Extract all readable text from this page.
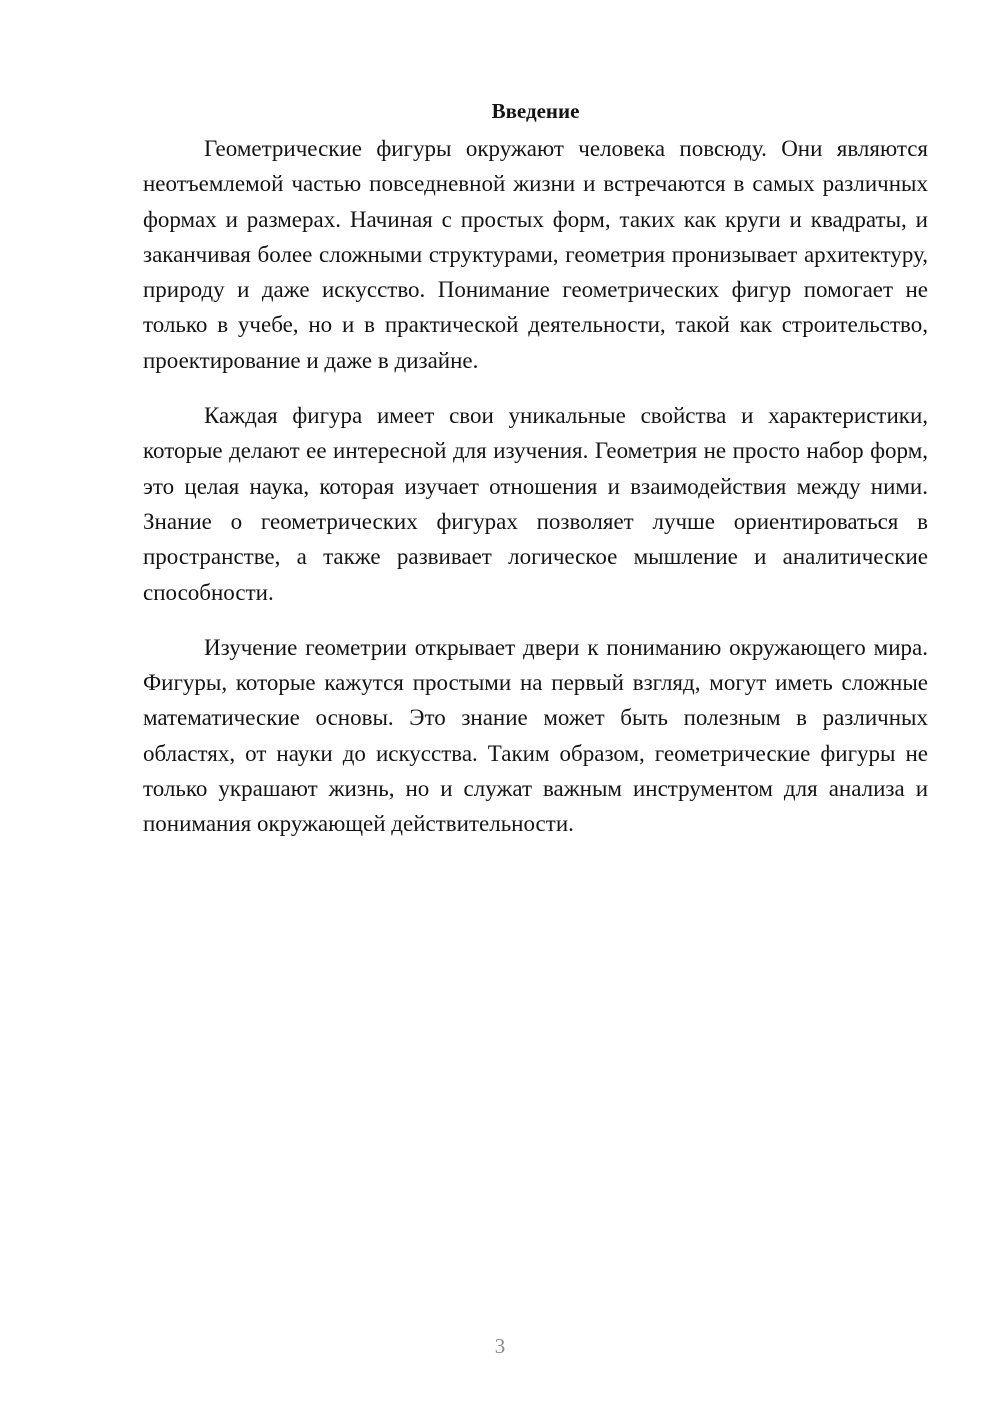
Введение

Геометрические фигуры окружают человека повсюду. Они являются неотъемлемой частью повседневной жизни и встречаются в самых различных формах и размерах. Начиная с простых форм, таких как круги и квадраты, и заканчивая более сложными структурами, геометрия пронизывает архитектуру, природу и даже искусство. Понимание геометрических фигур помогает не только в учебе, но и в практической деятельности, такой как строительство, проектирование и даже в дизайне.

Каждая фигура имеет свои уникальные свойства и характеристики, которые делают ее интересной для изучения. Геометрия не просто набор форм, это целая наука, которая изучает отношения и взаимодействия между ними. Знание о геометрических фигурах позволяет лучше ориентироваться в пространстве, а также развивает логическое мышление и аналитические способности.

Изучение геометрии открывает двери к пониманию окружающего мира. Фигуры, которые кажутся простыми на первый взгляд, могут иметь сложные математические основы. Это знание может быть полезным в различных областях, от науки до искусства. Таким образом, геометрические фигуры не только украшают жизнь, но и служат важным инструментом для анализа и понимания окружающей действительности.

3
